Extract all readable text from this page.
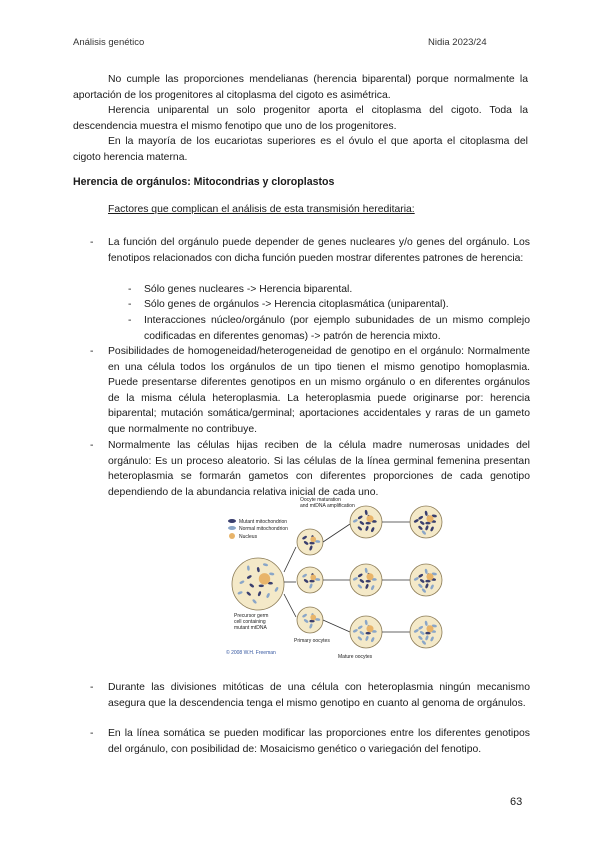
Análisis genético	Nidia 2023/24
No cumple las proporciones mendelianas (herencia biparental) porque normalmente la aportación de los progenitores al citoplasma del cigoto es asimétrica.
Herencia uniparental un solo progenitor aporta el citoplasma del cigoto. Toda la descendencia muestra el mismo fenotipo que uno de los progenitores.
En la mayoría de los eucariotas superiores es el óvulo el que aporta el citoplasma del cigoto herencia materna.
Herencia de orgánulos: Mitocondrias y cloroplastos
Factores que complican el análisis de esta transmisión hereditaria:
- La función del orgánulo puede depender de genes nucleares y/o genes del orgánulo. Los fenotipos relacionados con dicha función pueden mostrar diferentes patrones de herencia:
- Sólo genes nucleares -> Herencia biparental.
- Sólo genes de orgánulos -> Herencia citoplasmática (uniparental).
- Interacciones núcleo/orgánulo (por ejemplo subunidades de un mismo complejo codificadas en diferentes genomas) -> patrón de herencia mixto.
- Posibilidades de homogeneidad/heterogeneidad de genotipo en el orgánulo: Normalmente en una célula todos los orgánulos de un tipo tienen el mismo genotipo homoplasmia. Puede presentarse diferentes genotipos en un mismo orgánulo o en diferentes orgánulos de la misma célula heteroplasmia. La heteroplasmia puede originarse por: herencia biparental; mutación somática/germinal; aportaciones accidentales y raras de un gameto que normalmente no contribuye.
- Normalmente las células hijas reciben de la célula madre numerosas unidades del orgánulo: Es un proceso aleatorio. Si las células de la línea germinal femenina presentan heteroplasmia se formarán gametos con diferentes proporciones de cada genotipo dependiendo de la abundancia relativa inicial de cada uno.
Mutant mitochondrion
Normal mitochondrion
Nucleus
Oocyte maturation
and mtDNA amplification
Precursor germ
cell containing
mutant mtDNA
Primary oocytes
Mature oocytes
© 2008 W.H. Freeman
- Durante las divisiones mitóticas de una célula con heteroplasmia ningún mecanismo asegura que la descendencia tenga el mismo genotipo en cuanto al genoma de orgánulos.
- En la línea somática se pueden modificar las proporciones entre los diferentes genotipos del orgánulo, con posibilidad de: Mosaicismo genético o variegación del fenotipo.
63
